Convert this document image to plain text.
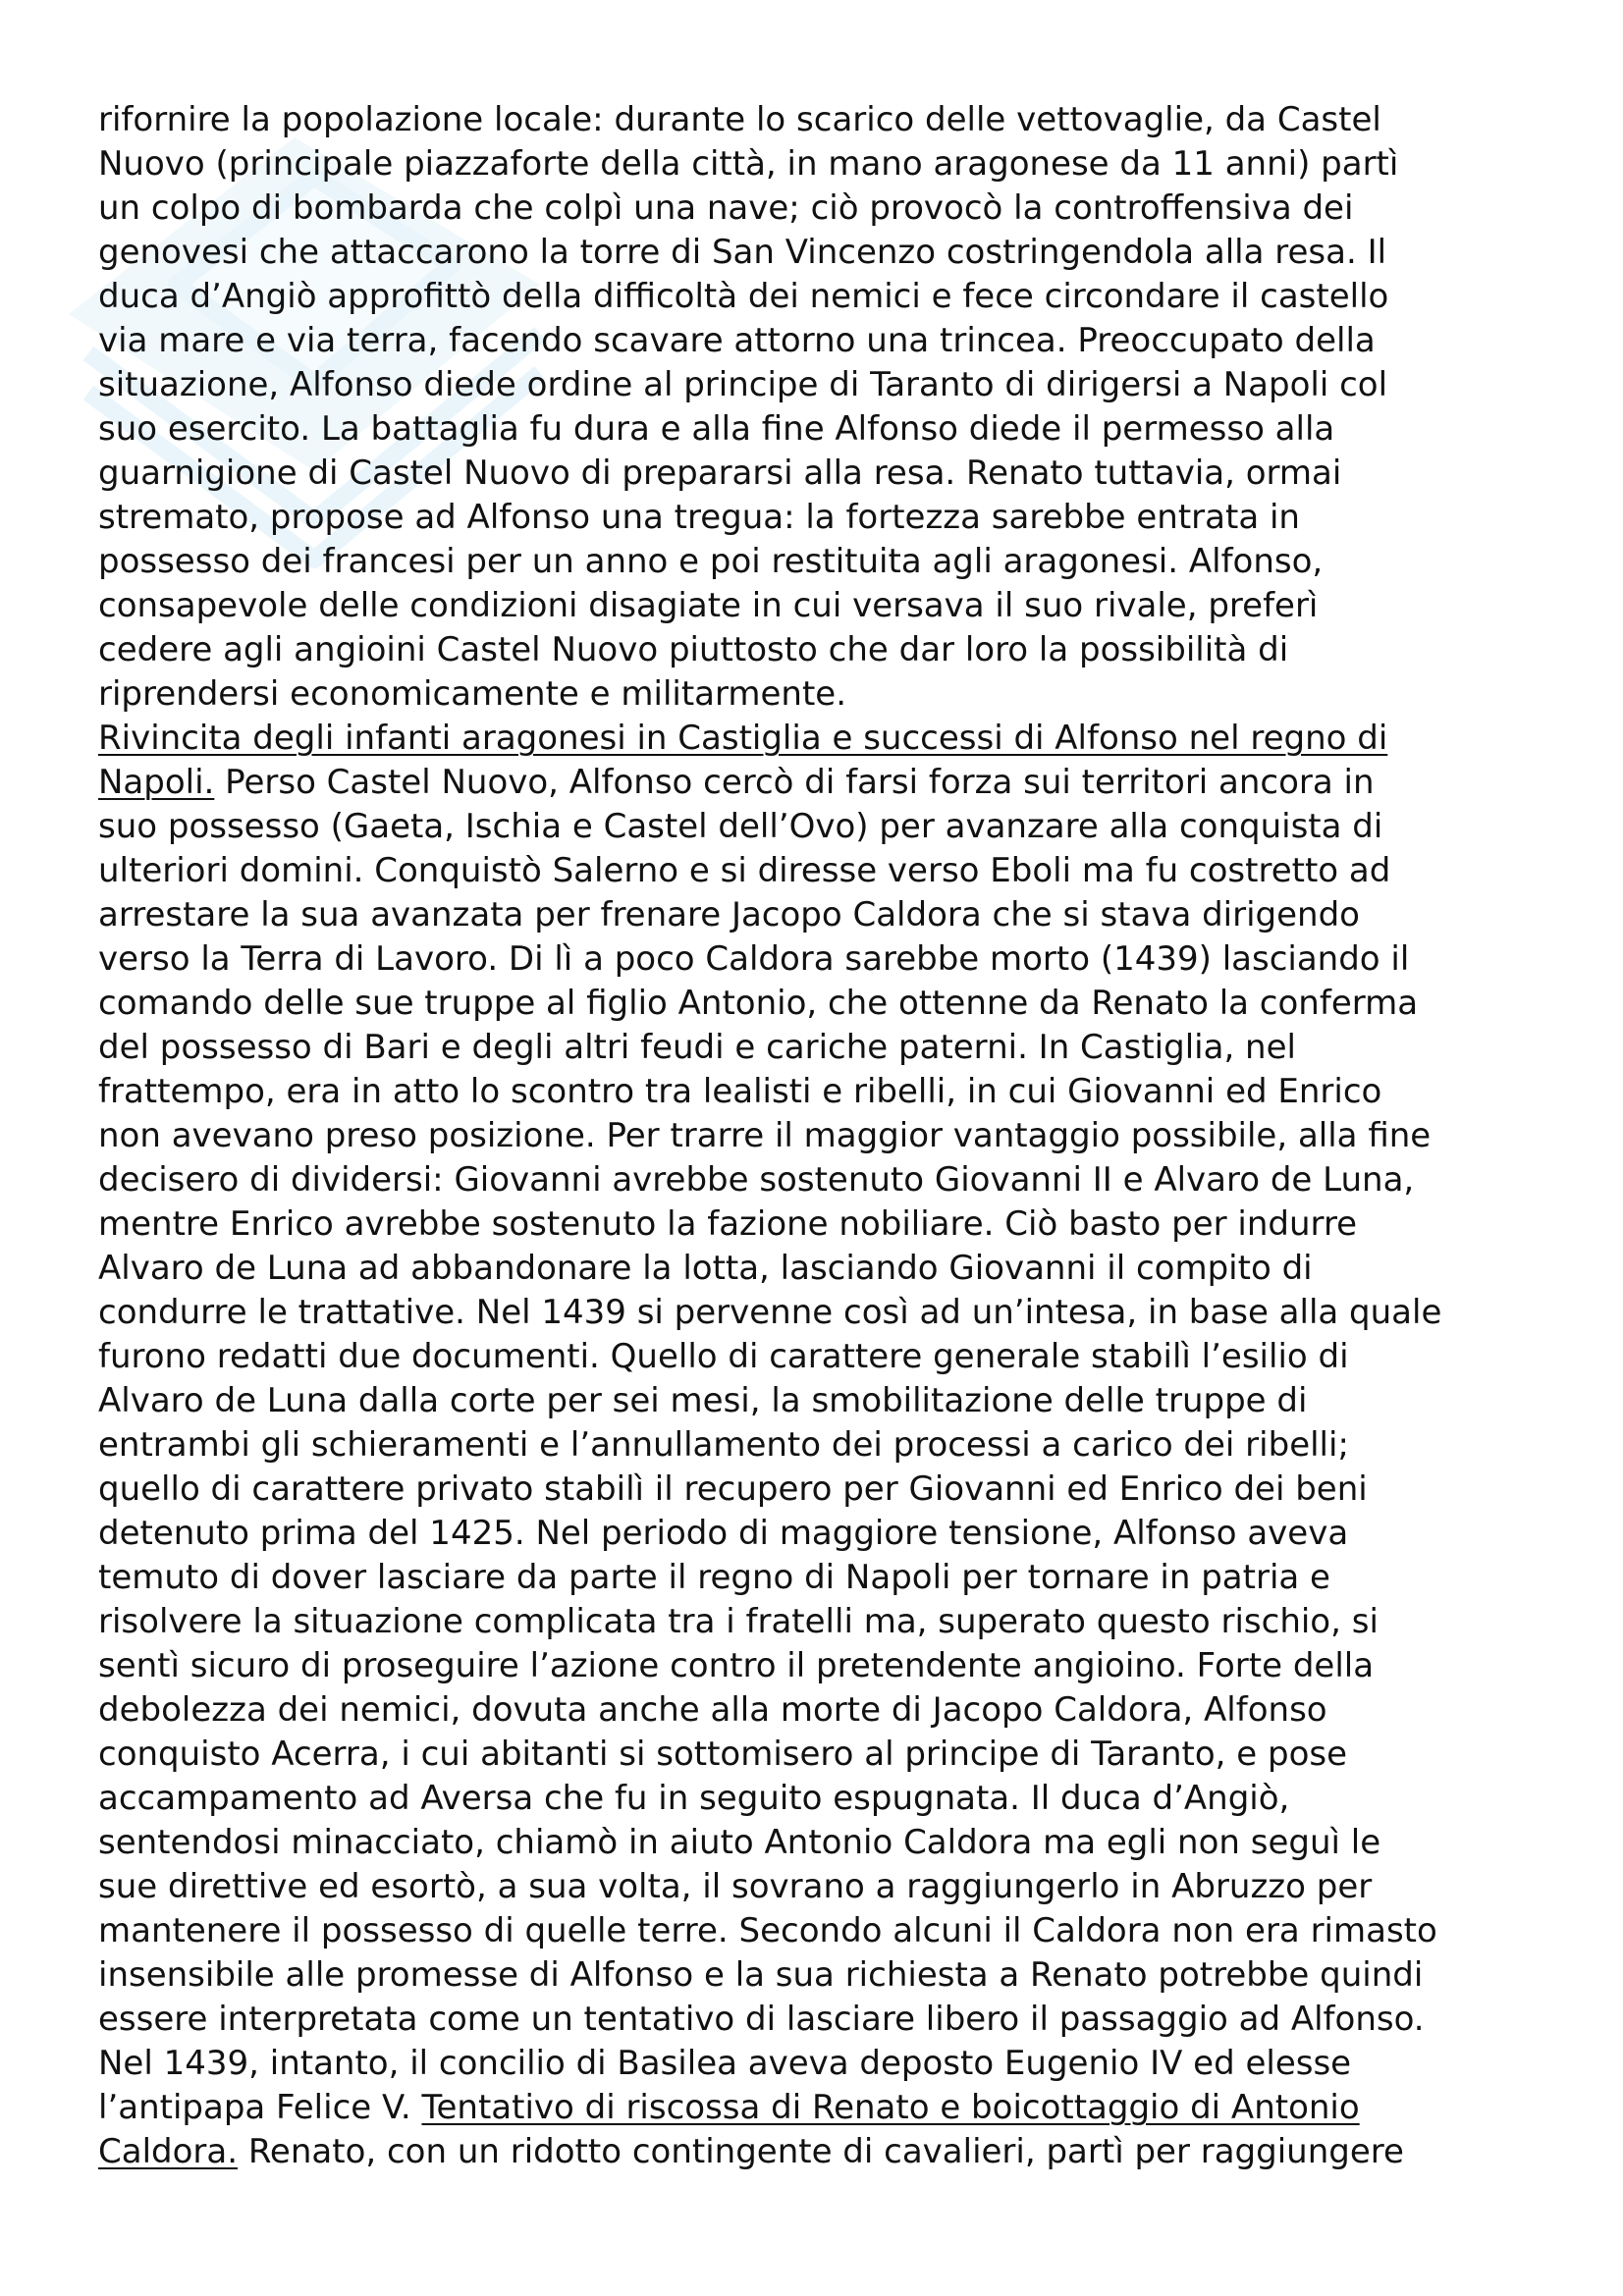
rifornire la popolazione locale: durante lo scarico delle vettovaglie, da Castel
Nuovo (principale piazzaforte della città, in mano aragonese da 11 anni) partì
un colpo di bombarda che colpì una nave; ciò provocò la controffensiva dei
genovesi che attaccarono la torre di San Vincenzo costringendola alla resa. Il
duca d’Angiò approfittò della difficoltà dei nemici e fece circondare il castello
via mare e via terra, facendo scavare attorno una trincea. Preoccupato della
situazione, Alfonso diede ordine al principe di Taranto di dirigersi a Napoli col
suo esercito. La battaglia fu dura e alla fine Alfonso diede il permesso alla
guarnigione di Castel Nuovo di prepararsi alla resa. Renato tuttavia, ormai
stremato, propose ad Alfonso una tregua: la fortezza sarebbe entrata in
possesso dei francesi per un anno e poi restituita agli aragonesi. Alfonso,
consapevole delle condizioni disagiate in cui versava il suo rivale, preferì
cedere agli angioini Castel Nuovo piuttosto che dar loro la possibilità di
riprendersi economicamente e militarmente.
Rivincita degli infanti aragonesi in Castiglia e successi di Alfonso nel regno di
Napoli. Perso Castel Nuovo, Alfonso cercò di farsi forza sui territori ancora in
suo possesso (Gaeta, Ischia e Castel dell’Ovo) per avanzare alla conquista di
ulteriori domini. Conquistò Salerno e si diresse verso Eboli ma fu costretto ad
arrestare la sua avanzata per frenare Jacopo Caldora che si stava dirigendo
verso la Terra di Lavoro. Di lì a poco Caldora sarebbe morto (1439) lasciando il
comando delle sue truppe al figlio Antonio, che ottenne da Renato la conferma
del possesso di Bari e degli altri feudi e cariche paterni. In Castiglia, nel
frattempo, era in atto lo scontro tra lealisti e ribelli, in cui Giovanni ed Enrico
non avevano preso posizione. Per trarre il maggior vantaggio possibile, alla fine
decisero di dividersi: Giovanni avrebbe sostenuto Giovanni II e Alvaro de Luna,
mentre Enrico avrebbe sostenuto la fazione nobiliare. Ciò basto per indurre
Alvaro de Luna ad abbandonare la lotta, lasciando Giovanni il compito di
condurre le trattative. Nel 1439 si pervenne così ad un’intesa, in base alla quale
furono redatti due documenti. Quello di carattere generale stabilì l’esilio di
Alvaro de Luna dalla corte per sei mesi, la smobilitazione delle truppe di
entrambi gli schieramenti e l’annullamento dei processi a carico dei ribelli;
quello di carattere privato stabilì il recupero per Giovanni ed Enrico dei beni
detenuto prima del 1425. Nel periodo di maggiore tensione, Alfonso aveva
temuto di dover lasciare da parte il regno di Napoli per tornare in patria e
risolvere la situazione complicata tra i fratelli ma, superato questo rischio, si
sentì sicuro di proseguire l’azione contro il pretendente angioino. Forte della
debolezza dei nemici, dovuta anche alla morte di Jacopo Caldora, Alfonso
conquisto Acerra, i cui abitanti si sottomisero al principe di Taranto, e pose
accampamento ad Aversa che fu in seguito espugnata. Il duca d’Angiò,
sentendosi minacciato, chiamò in aiuto Antonio Caldora ma egli non seguì le
sue direttive ed esortò, a sua volta, il sovrano a raggiungerlo in Abruzzo per
mantenere il possesso di quelle terre. Secondo alcuni il Caldora non era rimasto
insensibile alle promesse di Alfonso e la sua richiesta a Renato potrebbe quindi
essere interpretata come un tentativo di lasciare libero il passaggio ad Alfonso.
Nel 1439, intanto, il concilio di Basilea aveva deposto Eugenio IV ed elesse
l’antipapa Felice V. Tentativo di riscossa di Renato e boicottaggio di Antonio
Caldora. Renato, con un ridotto contingente di cavalieri, partì per raggiungere
